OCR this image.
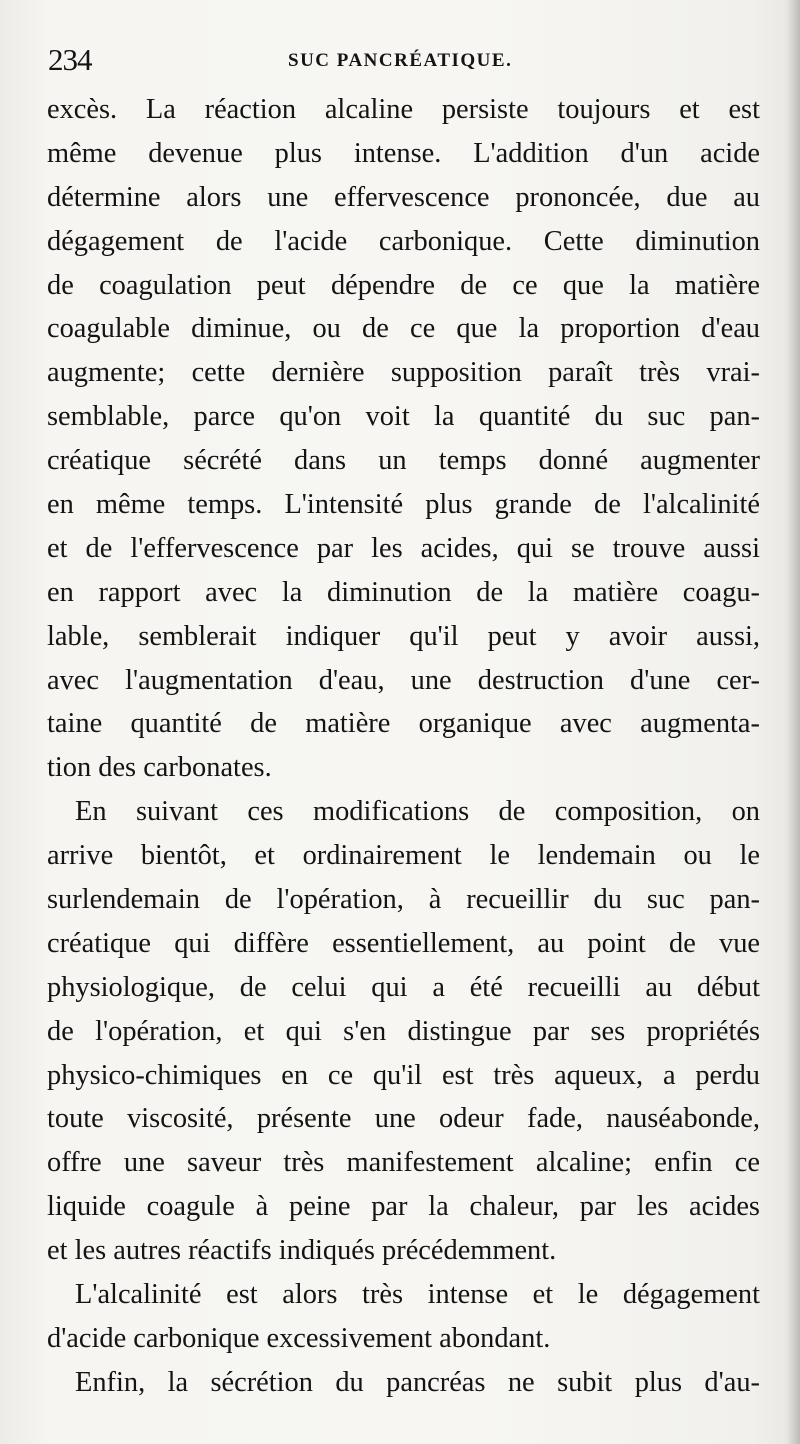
234	SUC PANCRÉATIQUE.
excès. La réaction alcaline persiste toujours et est
même devenue plus intense. L'addition d'un acide
détermine alors une effervescence prononcée, due au
dégagement de l'acide carbonique. Cette diminution
de coagulation peut dépendre de ce que la matière
coagulable diminue, ou de ce que la proportion d'eau
augmente; cette dernière supposition paraît très vrai-
semblable, parce qu'on voit la quantité du suc pan-
créatique sécrété dans un temps donné augmenter
en même temps. L'intensité plus grande de l'alcalinité
et de l'effervescence par les acides, qui se trouve aussi
en rapport avec la diminution de la matière coagu-
lable, semblerait indiquer qu'il peut y avoir aussi,
avec l'augmentation d'eau, une destruction d'une cer-
taine quantité de matière organique avec augmenta-
tion des carbonates.
En suivant ces modifications de composition, on
arrive bientôt, et ordinairement le lendemain ou le
surlendemain de l'opération, à recueillir du suc pan-
créatique qui diffère essentiellement, au point de vue
physiologique, de celui qui a été recueilli au début
de l'opération, et qui s'en distingue par ses propriétés
physico-chimiques en ce qu'il est très aqueux, a perdu
toute viscosité, présente une odeur fade, nauséabonde,
offre une saveur très manifestement alcaline; enfin ce
liquide coagule à peine par la chaleur, par les acides
et les autres réactifs indiqués précédemment.
L'alcalinité est alors très intense et le dégagement
d'acide carbonique excessivement abondant.
Enfin, la sécrétion du pancréas ne subit plus d'au-
